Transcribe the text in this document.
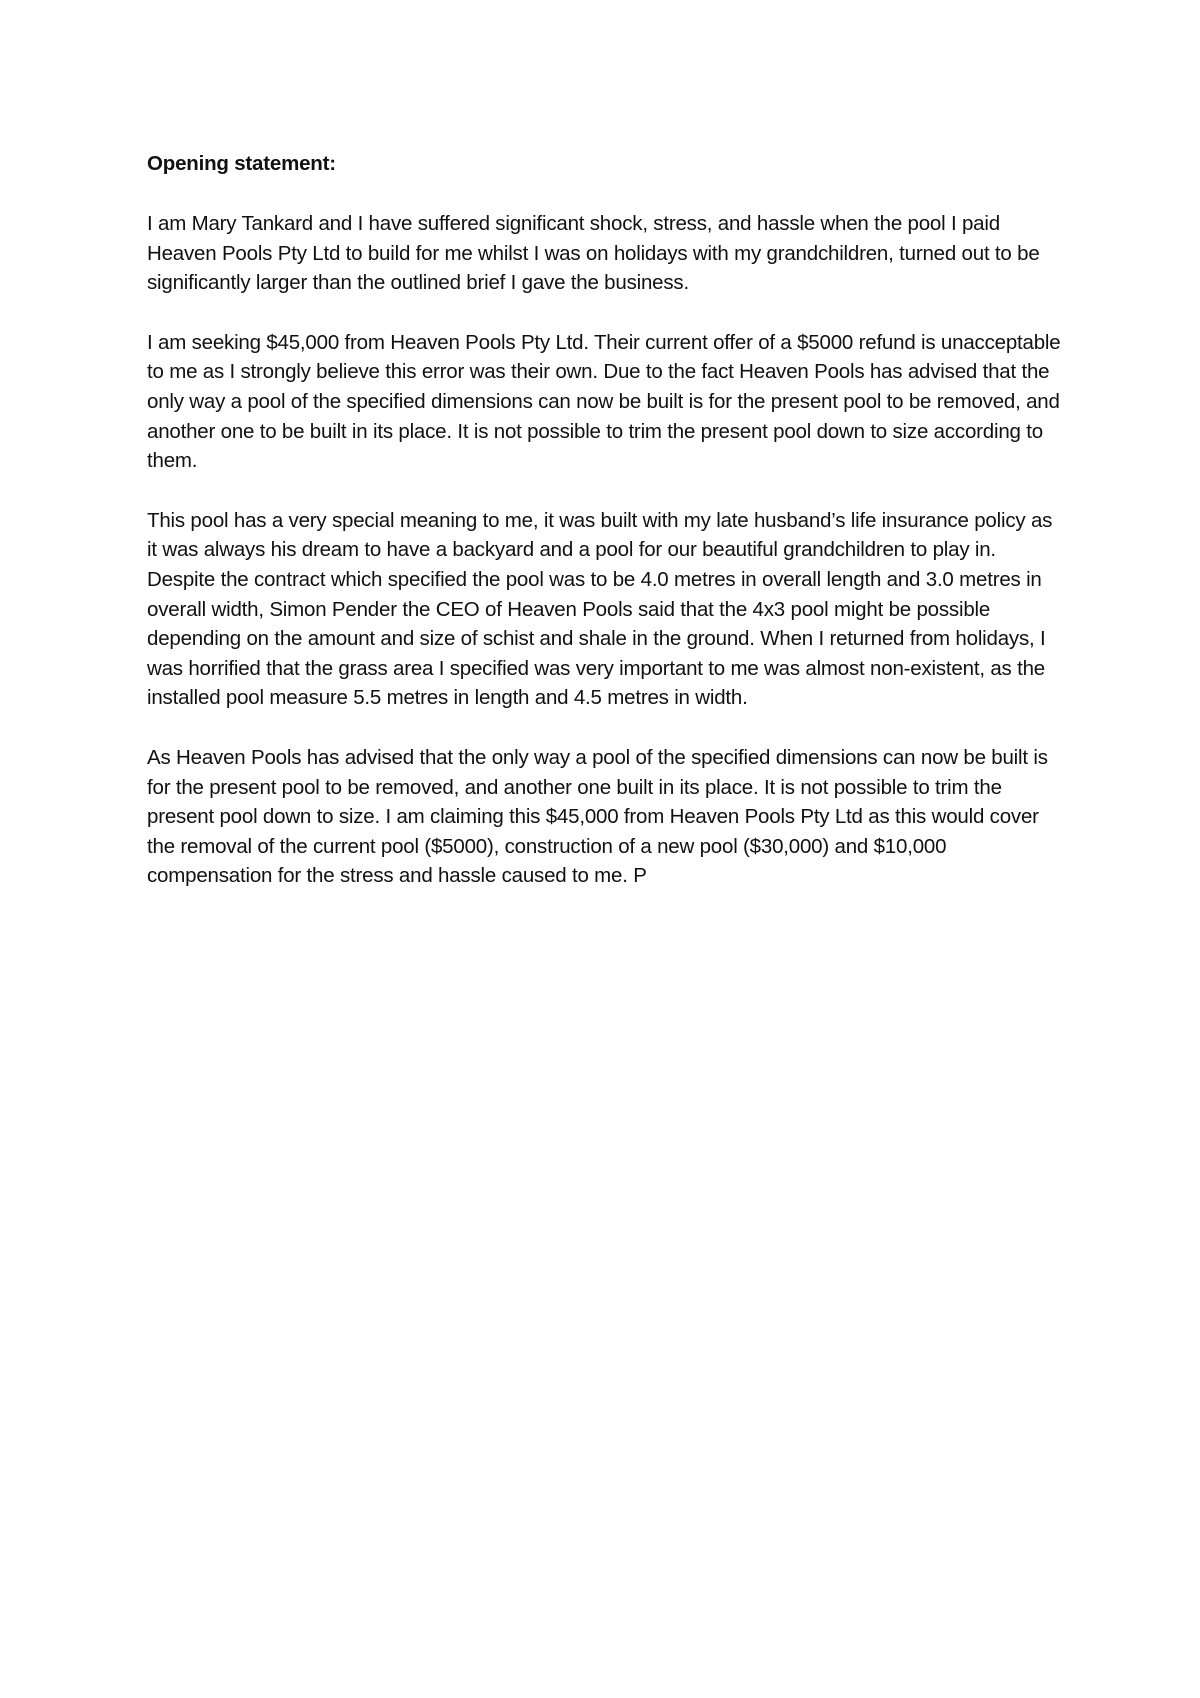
Opening statement:

I am Mary Tankard and I have suffered significant shock, stress, and hassle when the pool I paid Heaven Pools Pty Ltd to build for me whilst I was on holidays with my grandchildren, turned out to be significantly larger than the outlined brief I gave the business.

I am seeking $45,000 from Heaven Pools Pty Ltd. Their current offer of a $5000 refund is unacceptable to me as I strongly believe this error was their own. Due to the fact Heaven Pools has advised that the only way a pool of the specified dimensions can now be built is for the present pool to be removed, and another one to be built in its place. It is not possible to trim the present pool down to size according to them.

This pool has a very special meaning to me, it was built with my late husband’s life insurance policy as it was always his dream to have a backyard and a pool for our beautiful grandchildren to play in. Despite the contract which specified the pool was to be 4.0 metres in overall length and 3.0 metres in overall width, Simon Pender the CEO of Heaven Pools said that the 4x3 pool might be possible depending on the amount and size of schist and shale in the ground. When I returned from holidays, I was horrified that the grass area I specified was very important to me was almost non-existent, as the installed pool measure 5.5 metres in length and 4.5 metres in width.

As Heaven Pools has advised that the only way a pool of the specified dimensions can now be built is for the present pool to be removed, and another one built in its place. It is not possible to trim the present pool down to size. I am claiming this $45,000 from Heaven Pools Pty Ltd as this would cover the removal of the current pool ($5000), construction of a new pool ($30,000) and $10,000 compensation for the stress and hassle caused to me. P
